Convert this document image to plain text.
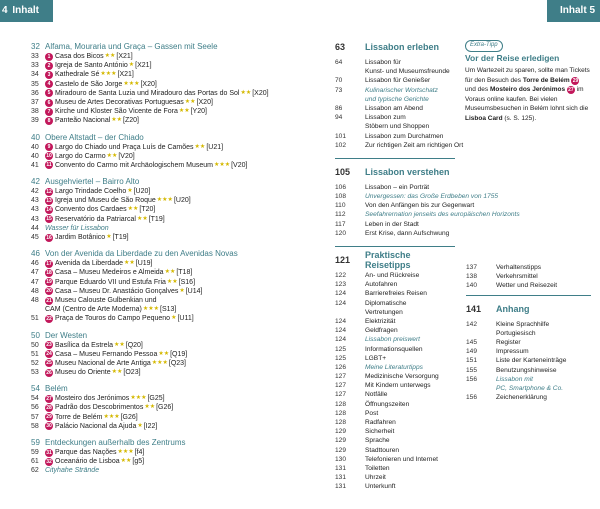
4 Inhalt	Inhalt 5
32 Alfama, Mouraria und Graça – Gassen mit Seele
33	1 Casa dos Bicos ★★ [X21]
33	2 Igreja de Santo António ★ [X21]
34	3 Kathedrale Sé ★★★ [X21]
35	4 Castelo de São Jorge ★★★ [X20]
36	5 Miradouro de Santa Luzia und Miradouro das Portas do Sol ★★ [X20]
37	6 Museu de Artes Decorativas Portuguesas ★★ [X20]
38	7 Kirche und Kloster São Vicente de Fora ★★ [Y20]
39	8 Panteão Nacional ★★ [Z20]
40 Obere Altstadt – der Chiado
40	9 Largo do Chiado und Praça Luís de Camões ★★ [U21]
40	10 Largo do Carmo ★★ [V20]
41	11 Convento do Carmo mit Archäologischem Museum ★★★ [V20]
42 Ausgehviertel – Bairro Alto
42	12 Largo Trindade Coelho ★ [U20]
43	13 Igreja und Museu de São Roque ★★★ [U20]
43	14 Convento dos Cardaes ★★ [T20]
43	15 Reservatório da Patriarcal ★★ [T19]
44 Wasser für Lissabon
45	16 Jardim Botânico ★ [T19]
46 Von der Avenida da Liberdade zu den Avenidas Novas
46	17 Avenida da Liberdade ★★ [U19]
47	18 Casa – Museu Medeiros e Almeida ★★ [T18]
47	19 Parque Eduardo VII und Estufa Fria ★★ [S16]
48	20 Casa – Museu Dr. Anastácio Gonçalves ★ [U14]
48	21 Museu Calouste Gulbenkian und
CAM (Centro de Arte Moderna) ★★★ [S13]
51	22 Praça de Touros do Campo Pequeno ★ [U11]
50 Der Westen
50	23 Basílica da Estrela ★★ [Q20]
51	24 Casa – Museu Fernando Pessoa ★★ [Q19]
52	25 Museu Nacional de Arte Antiga ★★★ [Q23]
53	26 Museu do Oriente ★★ [O23]
54 Belém
54	27 Mosteiro dos Jerónimos ★★★ [G25]
56	28 Padrão dos Descobrimentos ★★ [G26]
57	29 Torre de Belém ★★★ [G26]
58	30 Palácio Nacional da Ajuda ★ [I22]
59 Entdeckungen außerhalb des Zentrums
59	31 Parque das Nações ★★★ [f4]
61	32 Oceanário de Lisboa ★★ [g5]
62 Cityhahe Strände
63	Lissabon erleben
64	Lissabon für
Kunst- und Museumsfreunde
70	Lissabon für Genießer
73	Kulinarischer Wortschatz
und typische Gerichte
86	Lissabon am Abend
94	Lissabon zum
Stöbern und Shoppen
101	Lissabon zum Durchatmen
102	Zur richtigen Zeit am richtigen Ort
105	Lissabon verstehen
106	Lissabon – ein Porträt
108	Unvergessen: das Große Erdbeben von 1755
110	Von den Anfängen bis zur Gegenwart
112	Seefahrernation jenseits des europäischen Horizonts
117	Leben in der Stadt
120	Erst Krise, dann Aufschwung
121	Praktische Reisetipps
122	An- und Rückreise
123	Autofahren
124	Barrierefreies Reisen
124	Diplomatische
Vertretungen
124	Elektrizität
124	Geldfragen
124	Lissabon preiswert
125	Informationsquellen
125	LGBT+
126	Meine Literaturtipps
127	Medizinische Versorgung
127	Mit Kindern unterwegs
127	Notfälle
128	Öffnungszeiten
128	Post
128	Radfahren
129	Sicherheit
129	Sprache
129	Stadttouren
130	Telefonieren und Internet
131	Toiletten
131	Uhrzeit
131	Unterkunft
Extra-Tipp
Vor der Reise erledigen
Um Wartezeit zu sparen, sollte man Tickets für den Besuch des Torre de Belém 29 und des Mosteiro dos Jerónimos 27 im Voraus online kaufen. Bei vielen Museumsbesuchen in Belém lohnt sich die Lisboa Card (s. S. 125).
137	Verhaltenstipps
138	Verkehrsmittel
140	Wetter und Reisezeit
141	Anhang
142	Kleine Sprachhilfe
Portugiesisch
145	Register
149	Impressum
151	Liste der Karteneinträge
155	Benutzungshinweise
156	Lissabon mit
PC, Smartphone & Co.
156	Zeichenerklärung
